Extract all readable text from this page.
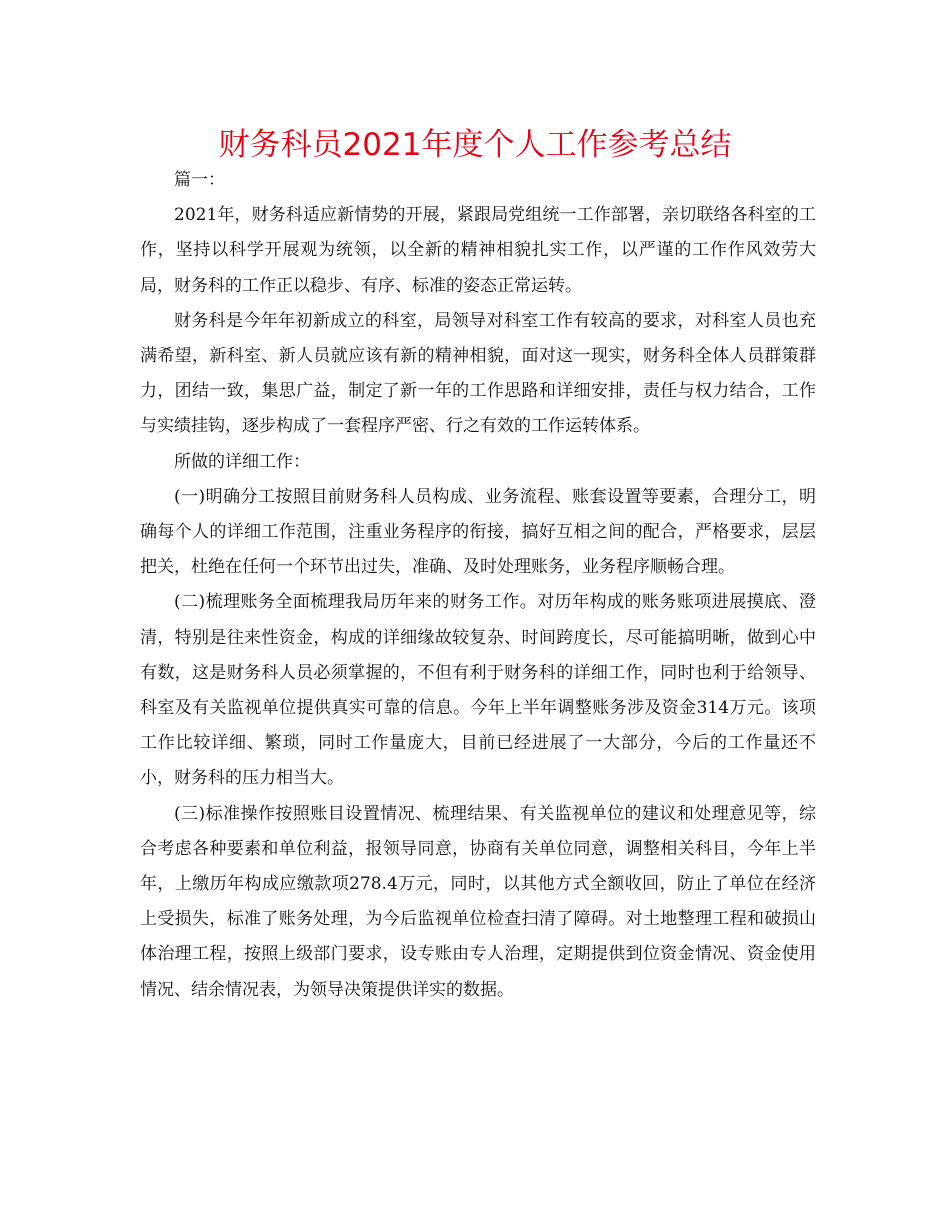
财务科员2021年度个人工作参考总结

篇一：

2021年，财务科适应新情势的开展，紧跟局党组统一工作部署，亲切联络各科室的工作，坚持以科学开展观为统领，以全新的精神相貌扎实工作，以严谨的工作作风效劳大局，财务科的工作正以稳步、有序、标准的姿态正常运转。

财务科是今年年初新成立的科室，局领导对科室工作有较高的要求，对科室人员也充满希望，新科室、新人员就应该有新的精神相貌，面对这一现实，财务科全体人员群策群力，团结一致，集思广益，制定了新一年的工作思路和详细安排，责任与权力结合，工作与实绩挂钩，逐步构成了一套程序严密、行之有效的工作运转体系。

所做的详细工作：

(一)明确分工按照目前财务科人员构成、业务流程、账套设置等要素，合理分工，明确每个人的详细工作范围，注重业务程序的衔接，搞好互相之间的配合，严格要求，层层把关，杜绝在任何一个环节出过失，准确、及时处理账务，业务程序顺畅合理。

(二)梳理账务全面梳理我局历年来的财务工作。对历年构成的账务账项进展摸底、澄清，特别是往来性资金，构成的详细缘故较复杂、时间跨度长，尽可能搞明晰，做到心中有数，这是财务科人员必须掌握的，不但有利于财务科的详细工作，同时也利于给领导、科室及有关监视单位提供真实可靠的信息。今年上半年调整账务涉及资金314万元。该项工作比较详细、繁琐，同时工作量庞大，目前已经进展了一大部分，今后的工作量还不小，财务科的压力相当大。

(三)标准操作按照账目设置情况、梳理结果、有关监视单位的建议和处理意见等，综合考虑各种要素和单位利益，报领导同意，协商有关单位同意，调整相关科目，今年上半年，上缴历年构成应缴款项278.4万元，同时，以其他方式全额收回，防止了单位在经济上受损失，标准了账务处理，为今后监视单位检查扫清了障碍。对土地整理工程和破损山体治理工程，按照上级部门要求，设专账由专人治理，定期提供到位资金情况、资金使用情况、结余情况表，为领导决策提供详实的数据。
